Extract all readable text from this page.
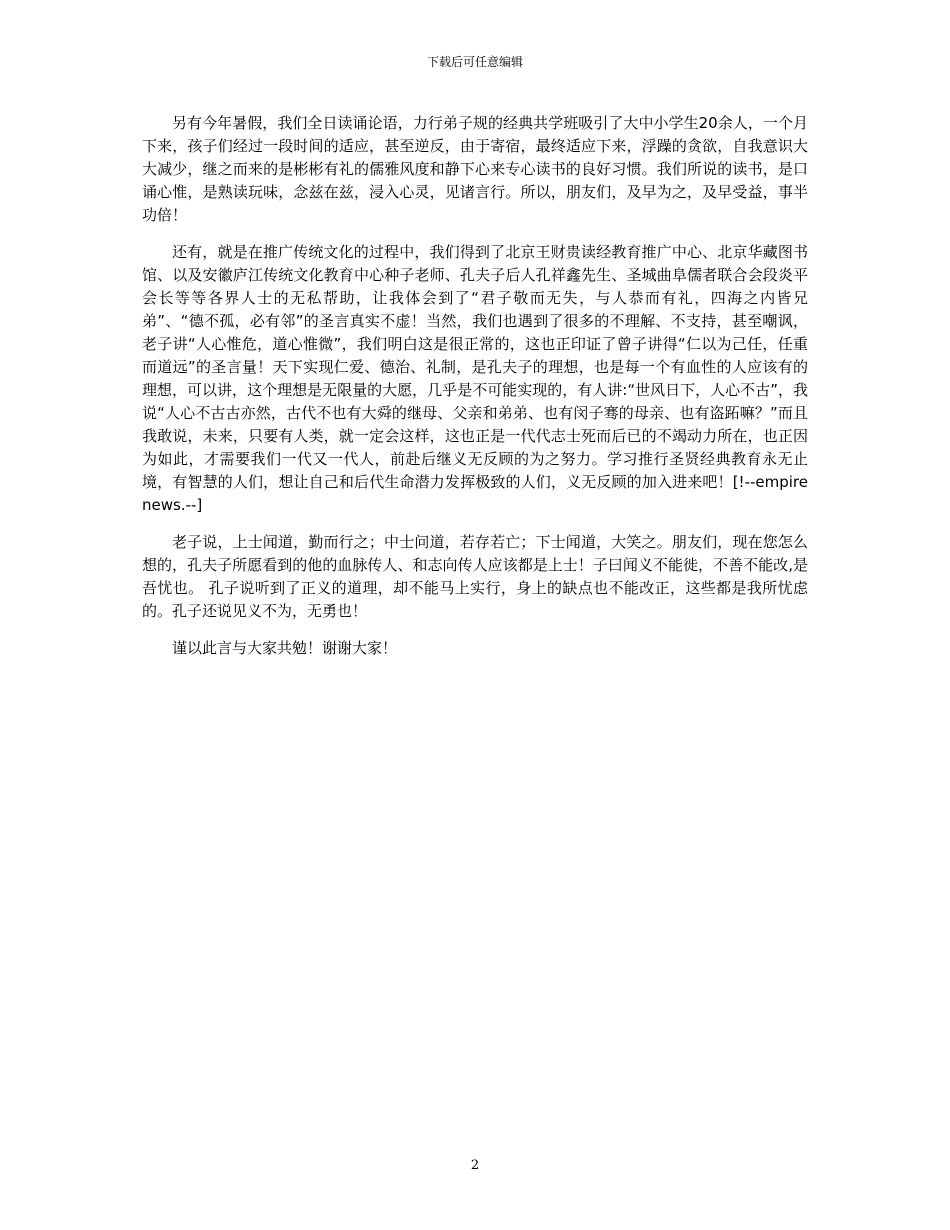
下载后可任意编辑

另有今年暑假，我们全日读诵论语，力行弟子规的经典共学班吸引了大中小学生20余人，一个月下来，孩子们经过一段时间的适应，甚至逆反，由于寄宿，最终适应下来，浮躁的贪欲，自我意识大大减少，继之而来的是彬彬有礼的儒雅风度和静下心来专心读书的良好习惯。我们所说的读书，是口诵心惟，是熟读玩味，念兹在兹，浸入心灵，见诸言行。所以，朋友们，及早为之，及早受益，事半功倍！

还有，就是在推广传统文化的过程中，我们得到了北京王财贵读经教育推广中心、北京华藏图书馆、以及安徽庐江传统文化教育中心种子老师、孔夫子后人孔祥鑫先生、圣城曲阜儒者联合会段炎平会长等等各界人士的无私帮助，让我体会到了“君子敬而无失，与人恭而有礼，四海之内皆兄弟”、“德不孤，必有邻”的圣言真实不虚！当然，我们也遇到了很多的不理解、不支持，甚至嘲讽，老子讲“人心惟危，道心惟微”，我们明白这是很正常的，这也正印证了曾子讲得“仁以为己任，任重而道远”的圣言量！天下实现仁爱、德治、礼制，是孔夫子的理想，也是每一个有血性的人应该有的理想，可以讲，这个理想是无限量的大愿，几乎是不可能实现的，有人讲:“世风日下，人心不古”，我说“人心不古古亦然，古代不也有大舜的继母、父亲和弟弟、也有闵子骞的母亲、也有盗跖嘛？”而且我敢说，未来，只要有人类，就一定会这样，这也正是一代代志士死而后已的不竭动力所在，也正因为如此，才需要我们一代又一代人，前赴后继义无反顾的为之努力。学习推行圣贤经典教育永无止境，有智慧的人们，想让自己和后代生命潜力发挥极致的人们，义无反顾的加入进来吧！[!--empirenews.--]

老子说，上士闻道，勤而行之；中士问道，若存若亡；下士闻道，大笑之。朋友们，现在您怎么想的，孔夫子所愿看到的他的血脉传人、和志向传人应该都是上士！子曰闻义不能徙，不善不能改,是吾忧也。 孔子说听到了正义的道理，却不能马上实行，身上的缺点也不能改正，这些都是我所忧虑的。孔子还说见义不为，无勇也！

谨以此言与大家共勉！谢谢大家！

2
